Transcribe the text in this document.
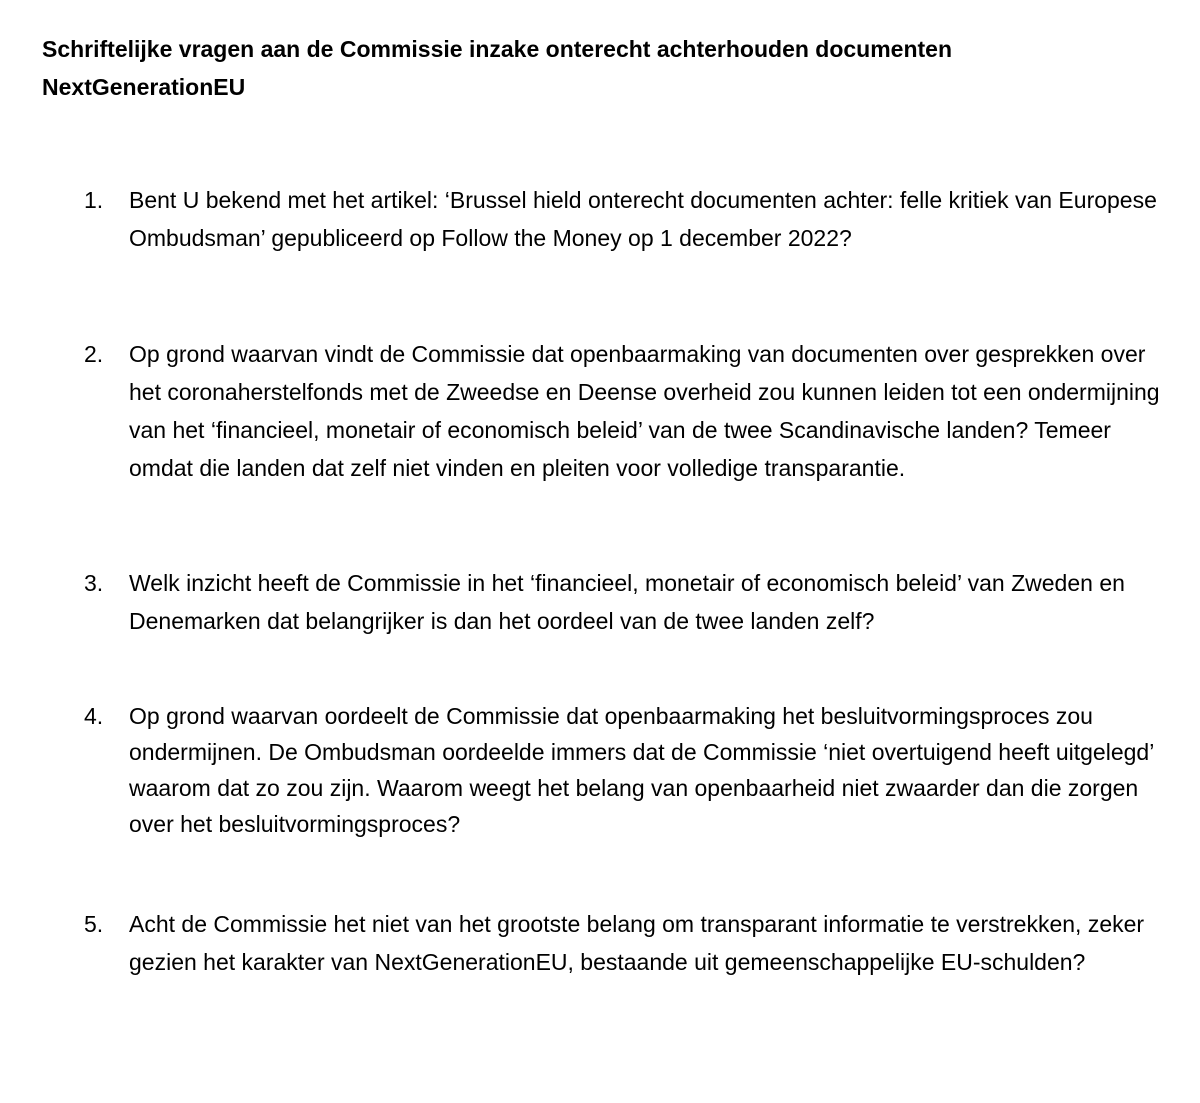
Schriftelijke vragen aan de Commissie inzake onterecht achterhouden documenten NextGenerationEU
1.	Bent U bekend met het artikel: ‘Brussel hield onterecht documenten achter: felle kritiek van Europese Ombudsman’ gepubliceerd op Follow the Money op 1 december 2022?
2.	Op grond waarvan vindt de Commissie dat openbaarmaking van documenten over gesprekken over het coronaherstelfonds met de Zweedse en Deense overheid zou kunnen leiden tot een ondermijning van het ‘financieel, monetair of economisch beleid’ van de twee Scandinavische landen? Temeer omdat die landen dat zelf niet vinden en pleiten voor volledige transparantie.
3.	Welk inzicht heeft de Commissie in het ‘financieel, monetair of economisch beleid’ van Zweden en Denemarken dat belangrijker is dan het oordeel van de twee landen zelf?
4.	Op grond waarvan oordeelt de Commissie dat openbaarmaking het besluitvormingsproces zou ondermijnen. De Ombudsman oordeelde immers dat de Commissie ‘niet overtuigend heeft uitgelegd’ waarom dat zo zou zijn. Waarom weegt het belang van openbaarheid niet zwaarder dan die zorgen over het besluitvormingsproces?
5.	Acht de Commissie het niet van het grootste belang om transparant informatie te verstrekken, zeker gezien het karakter van NextGenerationEU, bestaande uit gemeenschappelijke EU-schulden?
